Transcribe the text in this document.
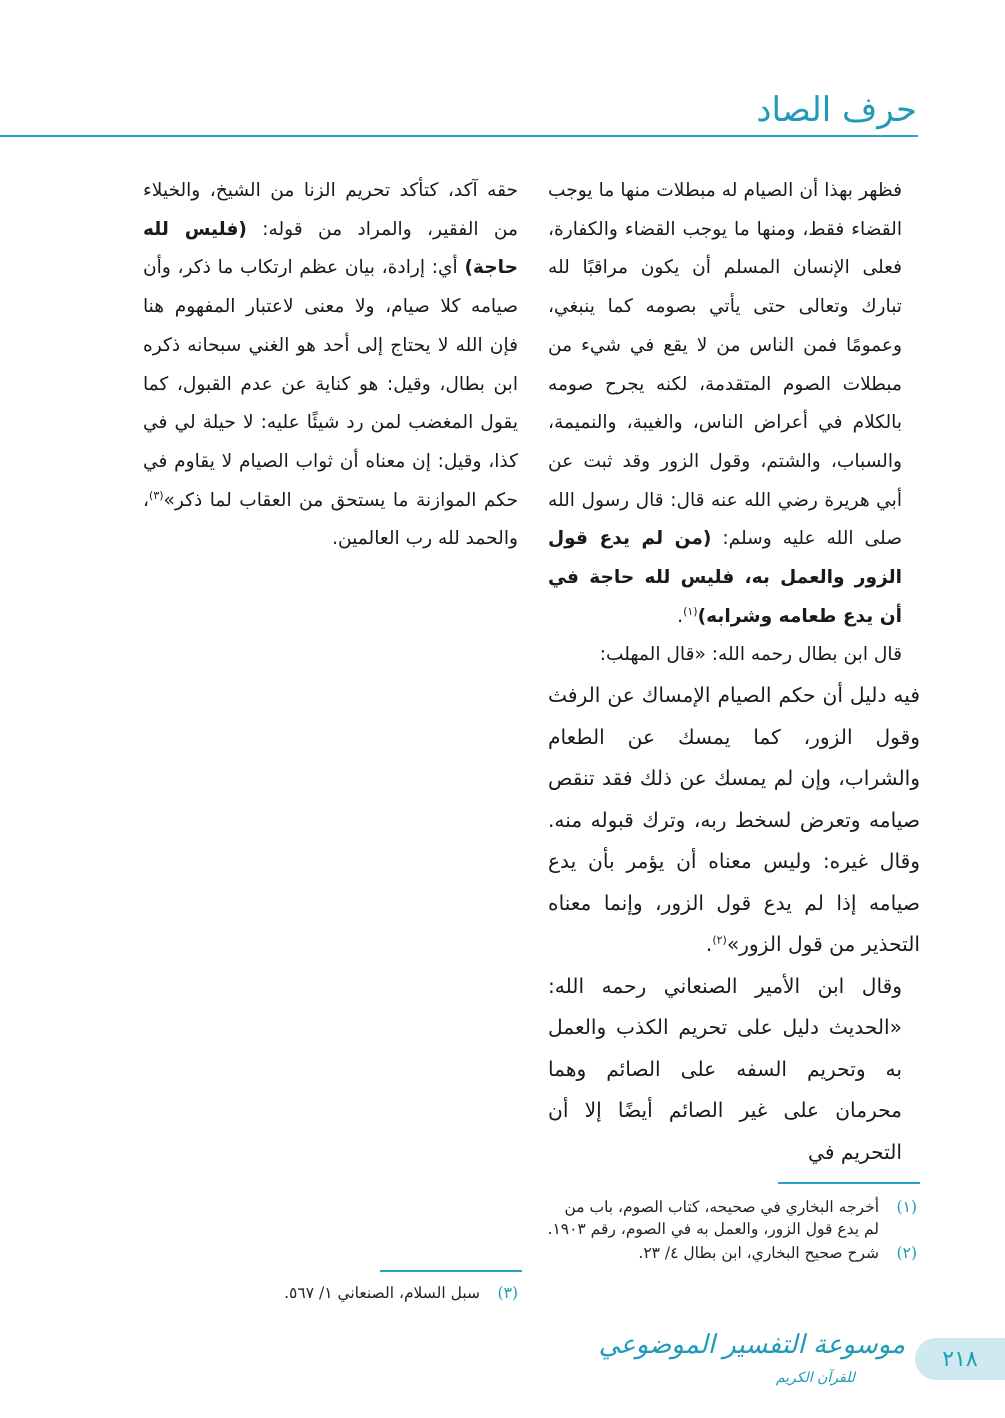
حرف الصاد

فظهر بهذا أن الصيام له مبطلات منها ما يوجب القضاء فقط، ومنها ما يوجب القضاء والكفارة، فعلى الإنسان المسلم أن يكون مراقبًا لله تبارك وتعالى حتى يأتي بصومه كما ينبغي، وعمومًا فمن الناس من لا يقع في شيء من مبطلات الصوم المتقدمة، لكنه يجرح صومه بالكلام في أعراض الناس، والغيبة، والنميمة، والسباب، والشتم، وقول الزور وقد ثبت عن أبي هريرة رضي الله عنه قال: قال رسول الله صلى الله عليه وسلم: (من لم يدع قول الزور والعمل به، فليس لله حاجة في أن يدع طعامه وشرابه)$^{(١)}$.

قال ابن بطال رحمه الله: «قال المهلب:

فيه دليل أن حكم الصيام الإمساك عن الرفث وقول الزور، كما يمسك عن الطعام والشراب، وإن لم يمسك عن ذلك فقد تنقص صيامه وتعرض لسخط ربه، وترك قبوله منه. وقال غيره: وليس معناه أن يؤمر بأن يدع صيامه إذا لم يدع قول الزور، وإنما معناه التحذير من قول الزور»$^{(٢)}$.

وقال ابن الأمير الصنعاني رحمه الله: «الحديث دليل على تحريم الكذب والعمل به وتحريم السفه على الصائم وهما محرمان على غير الصائم أيضًا إلا أن التحريم في

حقه آكد، كتأكد تحريم الزنا من الشيخ، والخيلاء من الفقير، والمراد من قوله: (فليس لله حاجة) أي: إرادة، بيان عظم ارتكاب ما ذكر، وأن صيامه كلا صيام، ولا معنى لاعتبار المفهوم هنا فإن الله لا يحتاج إلى أحد هو الغني سبحانه ذكره ابن بطال، وقيل: هو كناية عن عدم القبول، كما يقول المغضب لمن رد شيئًا عليه: لا حيلة لي في كذا، وقيل: إن معناه أن ثواب الصيام لا يقاوم في حكم الموازنة ما يستحق من العقاب لما ذكر»$^{(٣)}$، والحمد لله رب العالمين.

(١)
أخرجه البخاري في صحيحه، كتاب الصوم، باب من لم يدع قول الزور، والعمل به في الصوم، رقم ١٩٠٣.
(٢)
شرح صحيح البخاري، ابن بطال ٤/ ٢٣.
(٣)
سبل السلام، الصنعاني ١/ ٥٦٧.
موسوعة التفسير الموضوعي
للقرآن الكريم
٢١٨
